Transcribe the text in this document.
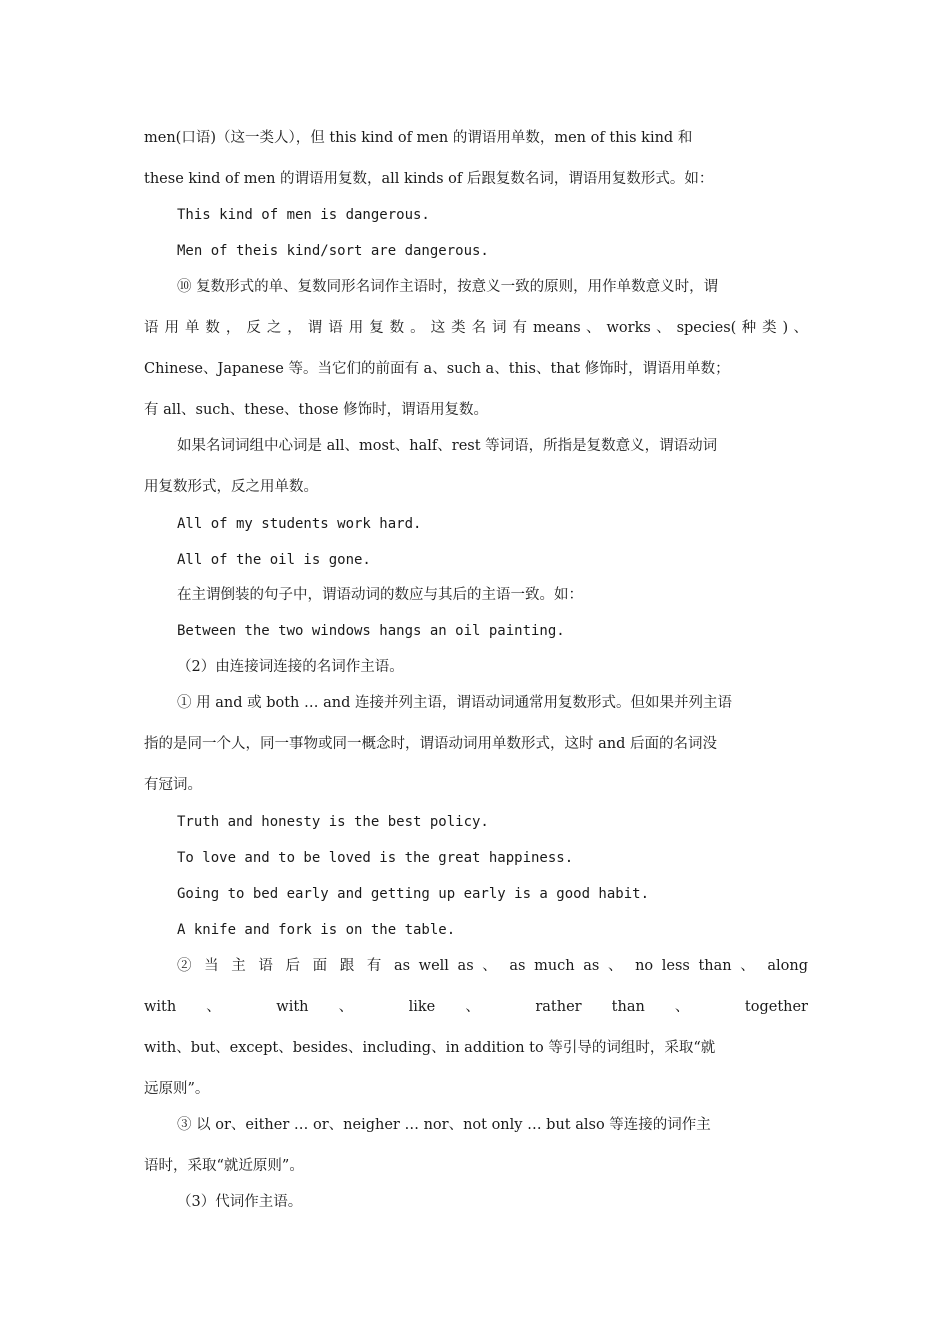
men(口语)（这一类人），但 this kind of men 的谓语用单数，men of this kind 和
these kind of men 的谓语用复数，all kinds of 后跟复数名词，谓语用复数形式。如：
This kind of men is dangerous.
Men of theis kind/sort are dangerous.
⑩ 复数形式的单、复数同形名词作主语时，按意义一致的原则，用作单数意义时，谓
语 用 单 数 ， 反 之 ， 谓 语 用 复 数 。 这 类 名 词 有 means 、 works 、 species( 种 类 ) 、
Chinese、Japanese 等。当它们的前面有 a、such a、this、that 修饰时，谓语用单数；
有 all、such、these、those 修饰时，谓语用复数。
如果名词词组中心词是 all、most、half、rest 等词语，所指是复数意义，谓语动词
用复数形式，反之用单数。
All of my students work hard.
All of the oil is gone.
在主谓倒装的句子中，谓语动词的数应与其后的主语一致。如：
Between the two windows hangs an oil painting.
（2）由连接词连接的名词作主语。
① 用 and 或 both … and 连接并列主语，谓语动词通常用复数形式。但如果并列主语
指的是同一个人，同一事物或同一概念时，谓语动词用单数形式，这时 and 后面的名词没
有冠词。
Truth and honesty is the best policy.
To love and to be loved is the great happiness.
Going to bed early and getting up early is a good habit.
A knife and fork is on the table.
② 当 主 语 后 面 跟 有 as well as 、 as much as 、 no less than 、 along
with 、 with 、 like 、 rather than 、 together
with、but、except、besides、including、in addition to 等引导的词组时，采取“就
远原则”。
③ 以 or、either … or、neigher … nor、not only … but also 等连接的词作主
语时，采取“就近原则”。
（3）代词作主语。
